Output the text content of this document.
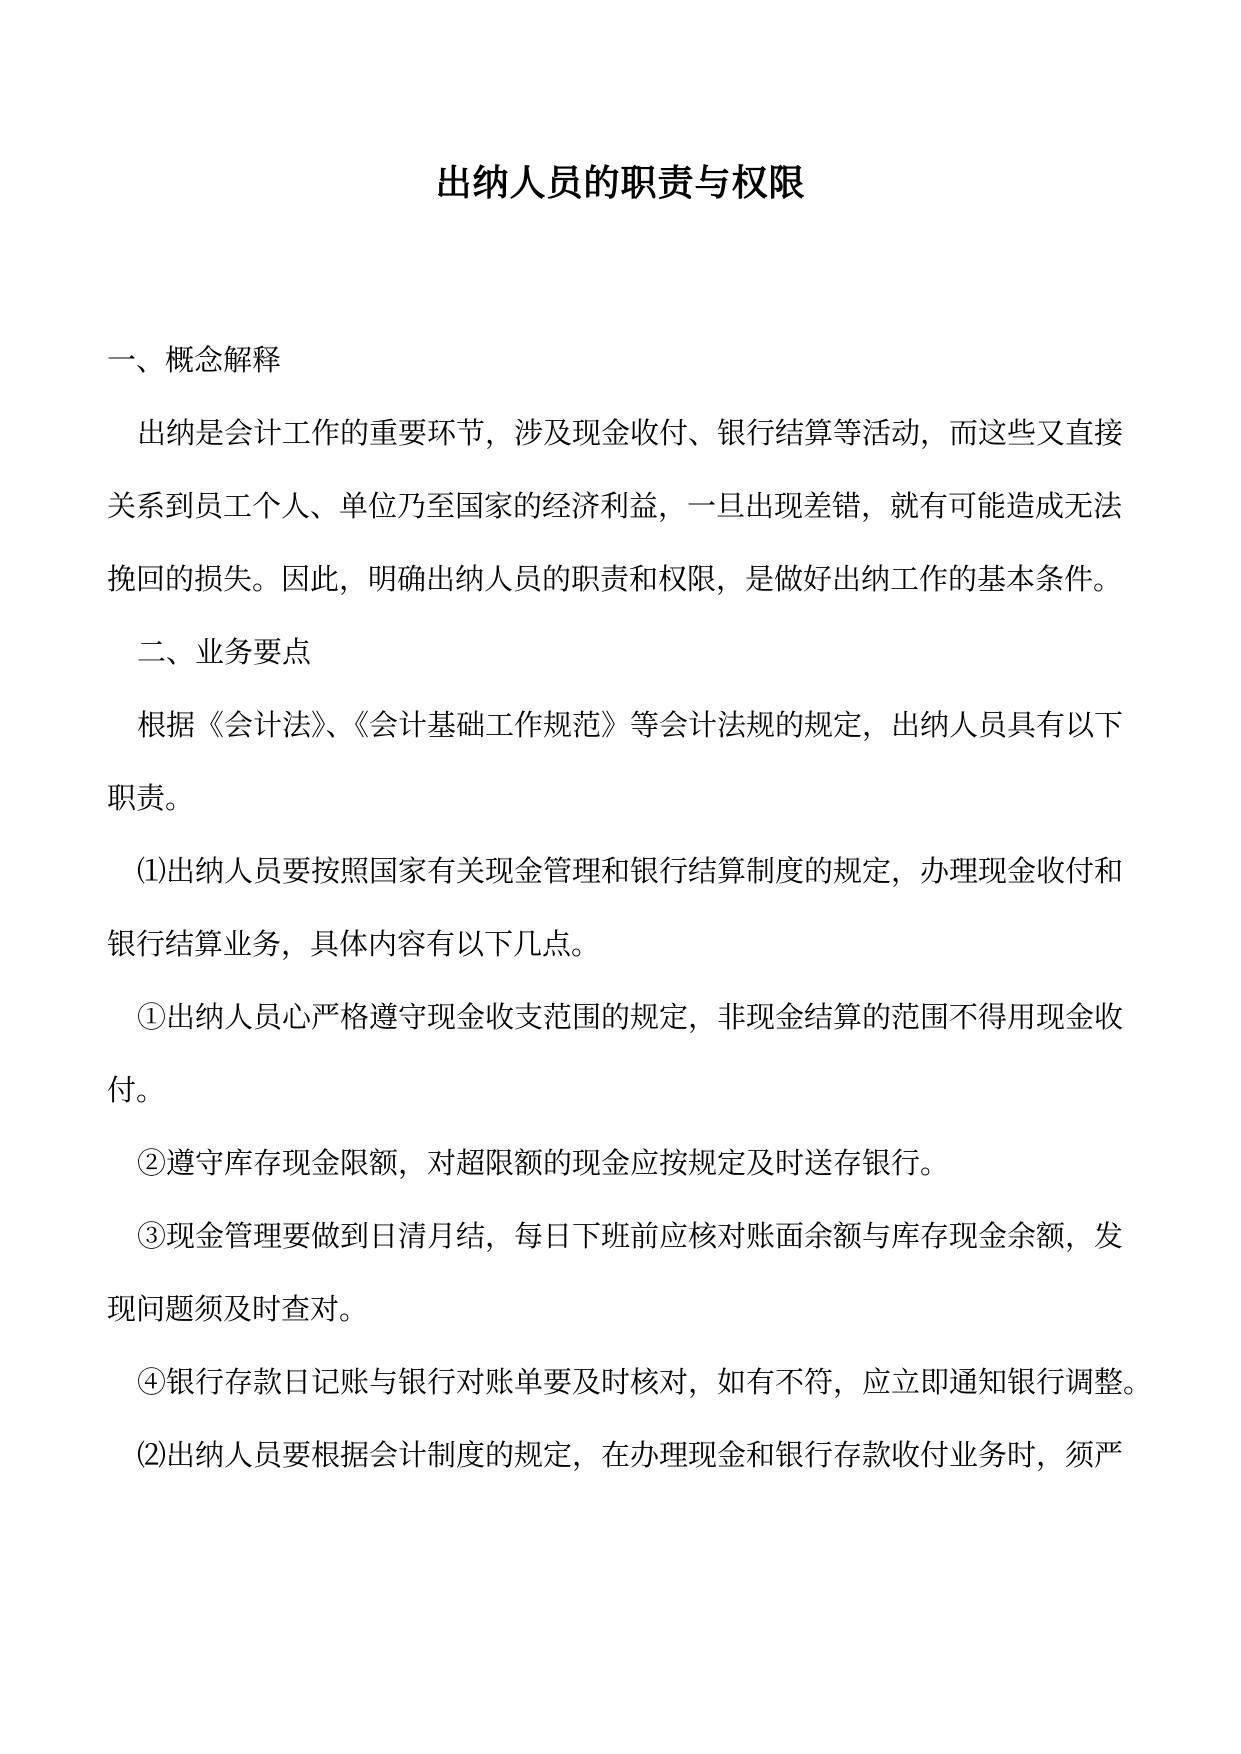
出纳人员的职责与权限
一、概念解释
出纳是会计工作的重要环节，涉及现金收付、银行结算等活动，而这些又直接
关系到员工个人、单位乃至国家的经济利益，一旦出现差错，就有可能造成无法
挽回的损失。因此，明确出纳人员的职责和权限，是做好出纳工作的基本条件。
二、业务要点
根据《会计法》、《会计基础工作规范》等会计法规的规定，出纳人员具有以下
职责。
⑴出纳人员要按照国家有关现金管理和银行结算制度的规定，办理现金收付和
银行结算业务，具体内容有以下几点。
①出纳人员心严格遵守现金收支范围的规定，非现金结算的范围不得用现金收
付。
②遵守库存现金限额，对超限额的现金应按规定及时送存银行。
③现金管理要做到日清月结，每日下班前应核对账面余额与库存现金余额，发
现问题须及时查对。
④银行存款日记账与银行对账单要及时核对，如有不符，应立即通知银行调整。
⑵出纳人员要根据会计制度的规定，在办理现金和银行存款收付业务时，须严
